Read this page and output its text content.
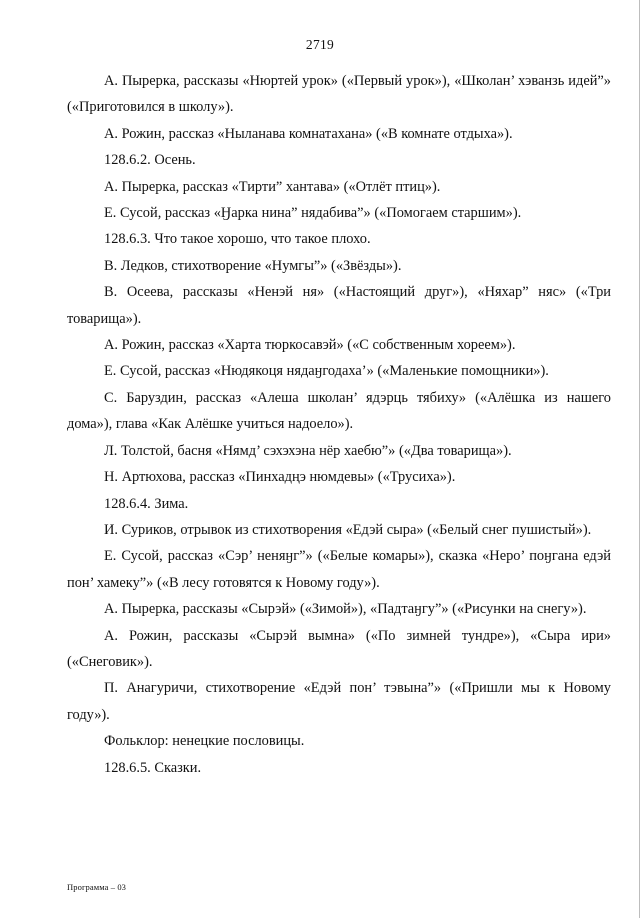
2719

А. Пырерка, рассказы «Нюртей урок» («Первый урок»), «Школан’ хэванзь идей”» («Приготовился в школу»).

А. Рожин, рассказ «Ныланава комнатахана» («В комнате отдыха»).

128.6.2. Осень.

А. Пырерка, рассказ «Тирти” хантава» («Отлёт птиц»).

Е. Сусой, рассказ «Ӈарка нина” нядабива”» («Помогаем старшим»).

128.6.3. Что такое хорошо, что такое плохо.

В. Ледков, стихотворение «Нумгы”» («Звёзды»).

В. Осеева, рассказы «Ненэй ня» («Настоящий друг»), «Няхар” няс» («Три товарища»).

А. Рожин, рассказ «Харта тюркосавэй» («С собственным хореем»).

Е. Сусой, рассказ «Нюдякоця нядаӈгодаха’» («Маленькие помощники»).

С. Баруздин, рассказ «Алеша школан’ ядэрць тябиху» («Алёшка из нашего дома»), глава «Как Алёшке учиться надоело»).

Л. Толстой, басня «Нямд’ сэхэхэна нёр хаебю”» («Два товарища»).

Н. Артюхова, рассказ «Пинхадңэ нюмдевы» («Трусиха»).

128.6.4. Зима.

И. Суриков, отрывок из стихотворения «Едэй сыра» («Белый снег пушистый»).

Е. Сусой, рассказ «Сэр’ неняӈг”» («Белые комары»), сказка «Неро’ поӈгана едэй пон’ хамеку”» («В лесу готовятся к Новому году»).

А. Пырерка, рассказы «Сырэй» («Зимой»), «Падтаӈгу”» («Рисунки на снегу»).

А. Рожин, рассказы «Сырэй вымна» («По зимней тундре»), «Сыра ири» («Снеговик»).

П. Анагуричи, стихотворение «Едэй пон’ тэвына”» («Пришли мы к Новому году»).

Фольклор: ненецкие пословицы.

128.6.5. Сказки.

Программа – 03
